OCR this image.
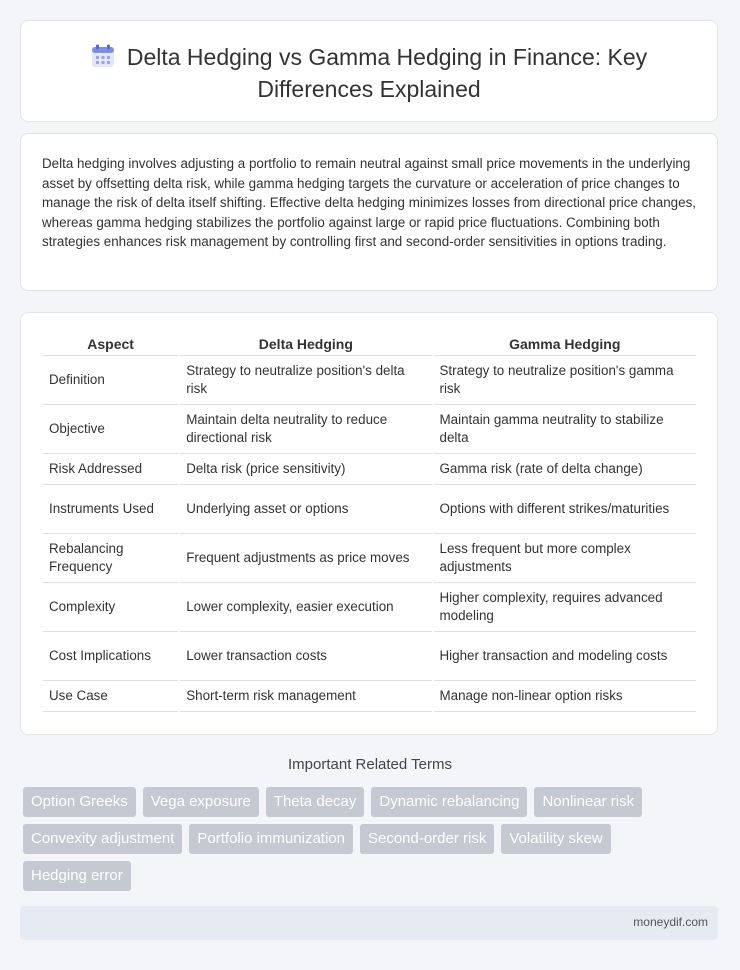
Delta Hedging vs Gamma Hedging in Finance: Key
Differences Explained

Delta hedging involves adjusting a portfolio to remain neutral against small price movements in the underlying asset by offsetting delta risk, while gamma hedging targets the curvature or acceleration of price changes to manage the risk of delta itself shifting. Effective delta hedging minimizes losses from directional price changes, whereas gamma hedging stabilizes the portfolio against large or rapid price fluctuations. Combining both strategies enhances risk management by controlling first and second-order sensitivities in options trading.

Aspect	Delta Hedging	Gamma Hedging
Definition	Strategy to neutralize position's delta risk	Strategy to neutralize position's gamma risk
Objective	Maintain delta neutrality to reduce directional risk	Maintain gamma neutrality to stabilize delta
Risk Addressed	Delta risk (price sensitivity)	Gamma risk (rate of delta change)
Instruments Used	Underlying asset or options	Options with different strikes/maturities
Rebalancing Frequency	Frequent adjustments as price moves	Less frequent but more complex adjustments
Complexity	Lower complexity, easier execution	Higher complexity, requires advanced modeling
Cost Implications	Lower transaction costs	Higher transaction and modeling costs
Use Case	Short-term risk management	Manage non-linear option risks
Important Related Terms
Option Greeks	Vega exposure	Theta decay	Dynamic rebalancing	Nonlinear risk
Convexity adjustment	Portfolio immunization	Second-order risk	Volatility skew
Hedging error
moneydif.com
